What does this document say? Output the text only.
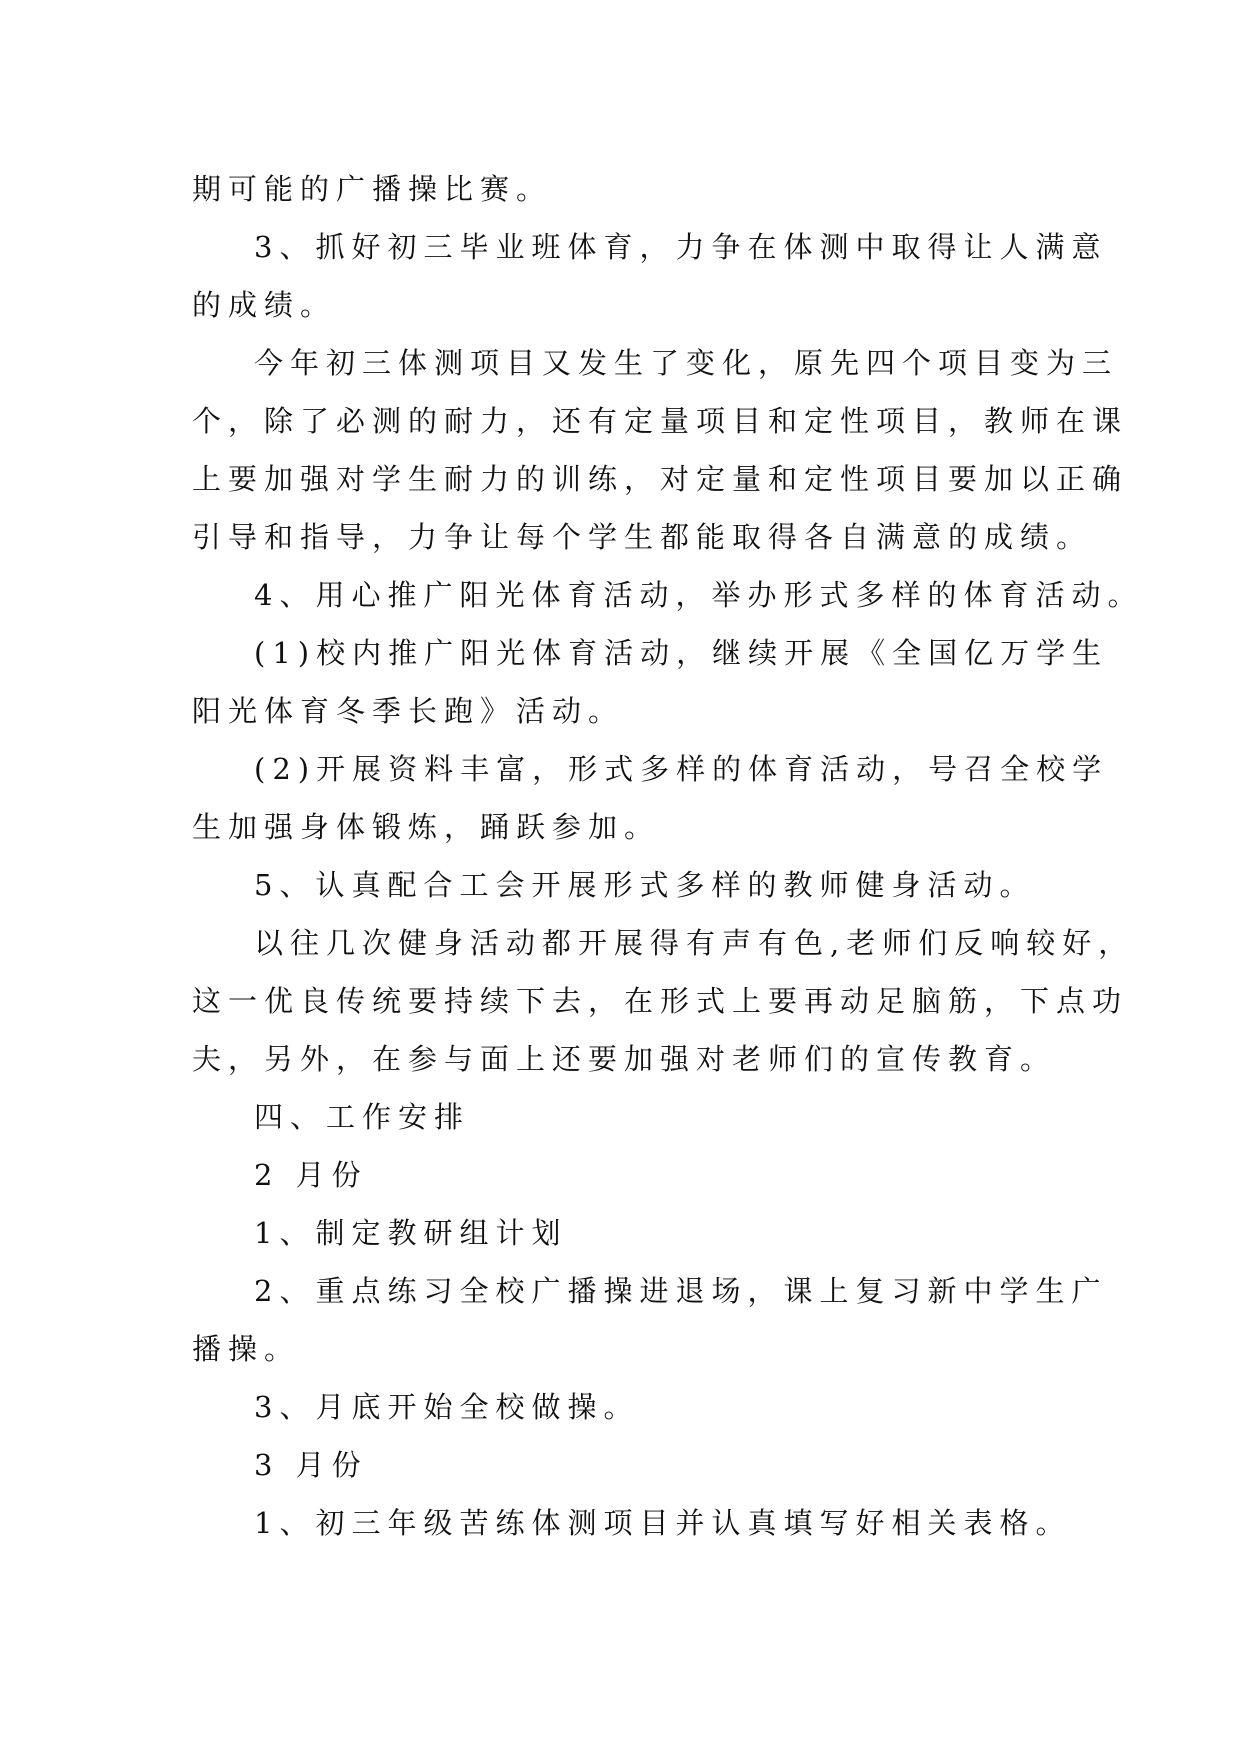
期可能的广播操比赛。
3、抓好初三毕业班体育，力争在体测中取得让人满意
的成绩。
今年初三体测项目又发生了变化，原先四个项目变为三
个，除了必测的耐力，还有定量项目和定性项目，教师在课
上要加强对学生耐力的训练，对定量和定性项目要加以正确
引导和指导，力争让每个学生都能取得各自满意的成绩。
4、用心推广阳光体育活动，举办形式多样的体育活动。
(1)校内推广阳光体育活动，继续开展《全国亿万学生
阳光体育冬季长跑》活动。
(2)开展资料丰富，形式多样的体育活动，号召全校学
生加强身体锻炼，踊跃参加。
5、认真配合工会开展形式多样的教师健身活动。
以往几次健身活动都开展得有声有色,老师们反响较好，
这一优良传统要持续下去，在形式上要再动足脑筋，下点功
夫，另外，在参与面上还要加强对老师们的宣传教育。
四、工作安排
2 月份
1、制定教研组计划
2、重点练习全校广播操进退场，课上复习新中学生广
播操。
3、月底开始全校做操。
3 月份
1、初三年级苦练体测项目并认真填写好相关表格。
